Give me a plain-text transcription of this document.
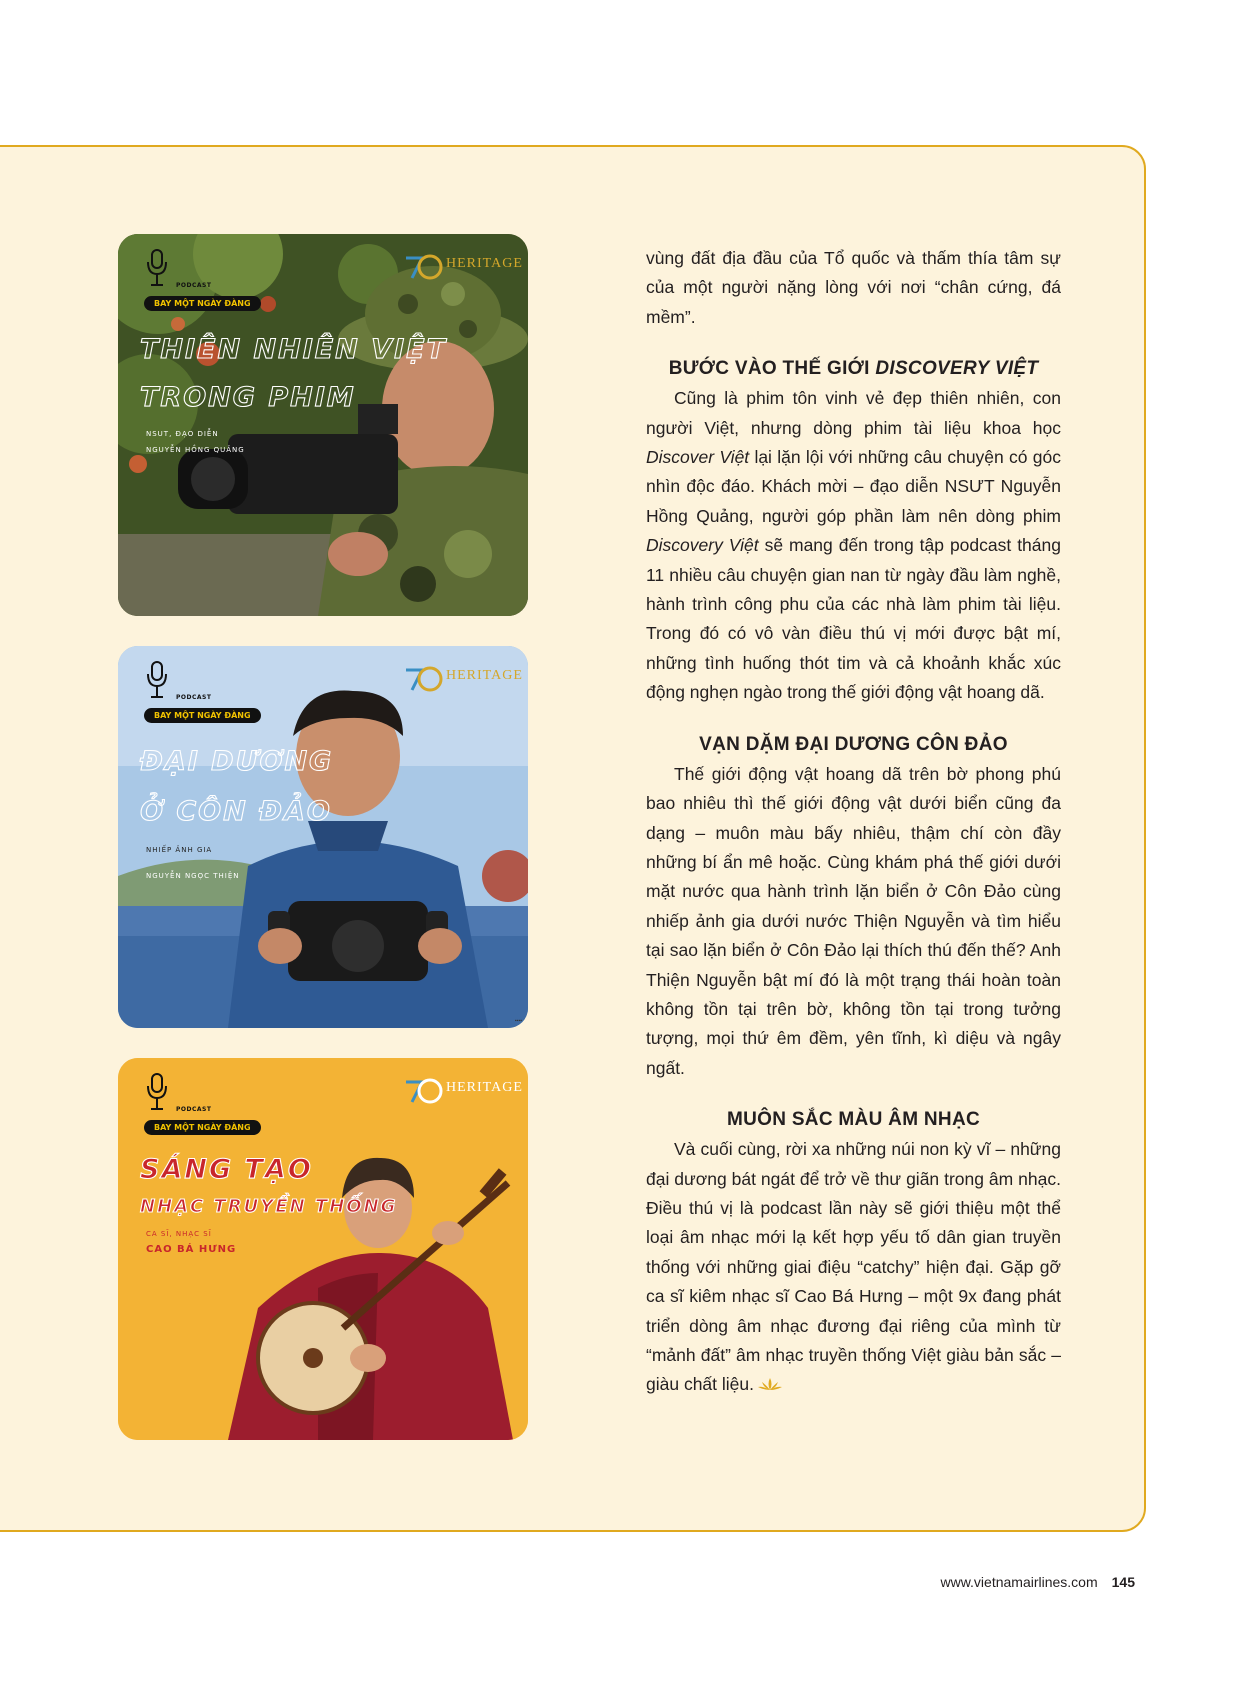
PODCAST
BAY MỘT NGÀY ĐÀNG
THIÊN NHIÊN VIỆT
TRONG PHIM
NSUT, ĐẠO DIỄN
NGUYỄN HỒNG QUẢNG
HERITAGE
PODCAST
BAY MỘT NGÀY ĐÀNG
ĐẠI DƯƠNG
Ở CÔN ĐẢO
NHIẾP ẢNH GIA
NGUYỄN NGỌC THIỆN
HERITAGE
▪▪▪▪
PODCAST
BAY MỘT NGÀY ĐÀNG
SÁNG TẠO
NHẠC TRUYỀN THỐNG
CA SĨ, NHẠC SĨ
CAO BÁ HƯNG
HERITAGE

vùng đất địa đầu của Tổ quốc và thấm thía tâm sự của một người nặng lòng với nơi “chân cứng, đá mềm”.

BƯỚC VÀO THẾ GIỚI DISCOVERY VIỆT

Cũng là phim tôn vinh vẻ đẹp thiên nhiên, con người Việt, nhưng dòng phim tài liệu khoa học Discover Việt lại lặn lội với những câu chuyện có góc nhìn độc đáo. Khách mời – đạo diễn NSƯT Nguyễn Hồng Quảng, người góp phần làm nên dòng phim Discovery Việt sẽ mang đến trong tập podcast tháng 11 nhiều câu chuyện gian nan từ ngày đầu làm nghề, hành trình công phu của các nhà làm phim tài liệu. Trong đó có vô vàn điều thú vị mới được bật mí, những tình huống thót tim và cả khoảnh khắc xúc động nghẹn ngào trong thế giới động vật hoang dã.

VẠN DẶM ĐẠI DƯƠNG CÔN ĐẢO

Thế giới động vật hoang dã trên bờ phong phú bao nhiêu thì thế giới động vật dưới biển cũng đa dạng – muôn màu bấy nhiêu, thậm chí còn đầy những bí ẩn mê hoặc. Cùng khám phá thế giới dưới mặt nước qua hành trình lặn biển ở Côn Đảo cùng nhiếp ảnh gia dưới nước Thiện Nguyễn và tìm hiểu tại sao lặn biển ở Côn Đảo lại thích thú đến thế? Anh Thiện Nguyễn bật mí đó là một trạng thái hoàn toàn không tồn tại trên bờ, không tồn tại trong tưởng tượng, mọi thứ êm đềm, yên tĩnh, kì diệu và ngây ngất.

MUÔN SẮC MÀU ÂM NHẠC

Và cuối cùng, rời xa những núi non kỳ vĩ – những đại dương bát ngát để trở về thư giãn trong âm nhạc. Điều thú vị là podcast lần này sẽ giới thiệu một thể loại âm nhạc mới lạ kết hợp yếu tố dân gian truyền thống với những giai điệu “catchy” hiện đại. Gặp gỡ ca sĩ kiêm nhạc sĩ Cao Bá Hưng – một 9x đang phát triển dòng âm nhạc đương đại riêng của mình từ “mảnh đất” âm nhạc truyền thống Việt giàu bản sắc – giàu chất liệu.

www.vietnamairlines.com 145
